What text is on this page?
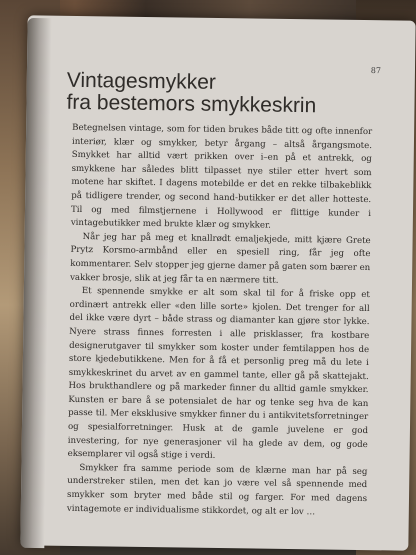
87
Vintagesmykker
fra bestemors smykkeskrin

Betegnelsen vintage, som for tiden brukes både titt og ofte innenfor interiør, klær og smykker, betyr årgang – altså årgangsmote. Smykket har alltid vært prikken over i–en på et antrekk, og smykkene har således blitt tilpasset nye stiler etter hvert som motene har skiftet. I dagens motebilde er det en rekke tilbakeblikk på tidligere trender, og second hand-butikker er det aller hotteste. Til og med filmstjernene i Hollywood er flittige kunder i vintagebutikker med brukte klær og smykker.

Når jeg har på meg et knallrødt emaljekjede, mitt kjære Grete Prytz Korsmo-armbånd eller en spesiell ring, får jeg ofte kommentarer. Selv stopper jeg gjerne damer på gaten som bærer en vakker brosje, slik at jeg får ta en nærmere titt.

Et spennende smykke er alt som skal til for å friske opp et ordinært antrekk eller «den lille sorte» kjolen. Det trenger for all del ikke være dyrt – både strass og diamanter kan gjøre stor lykke. Nyere strass finnes forresten i alle prisklasser, fra kostbare designerutgaver til smykker som koster under femtilappen hos de store kjedebutikkene. Men for å få et personlig preg må du lete i smykkeskrinet du arvet av en gammel tante, eller gå på skattejakt. Hos brukthandlere og på markeder finner du alltid gamle smykker. Kunsten er bare å se potensialet de har og tenke seg hva de kan passe til. Mer eksklusive smykker finner du i antikvitetsforretninger og spesialforretninger. Husk at de gamle juvelene er god investering, for nye generasjoner vil ha glede av dem, og gode eksemplarer vil også stige i verdi.

Smykker fra samme periode som de klærne man har på seg understreker stilen, men det kan jo være vel så spennende med smykker som bryter med både stil og farger. For med dagens vintagemote er individualisme stikkordet, og alt er lov …
